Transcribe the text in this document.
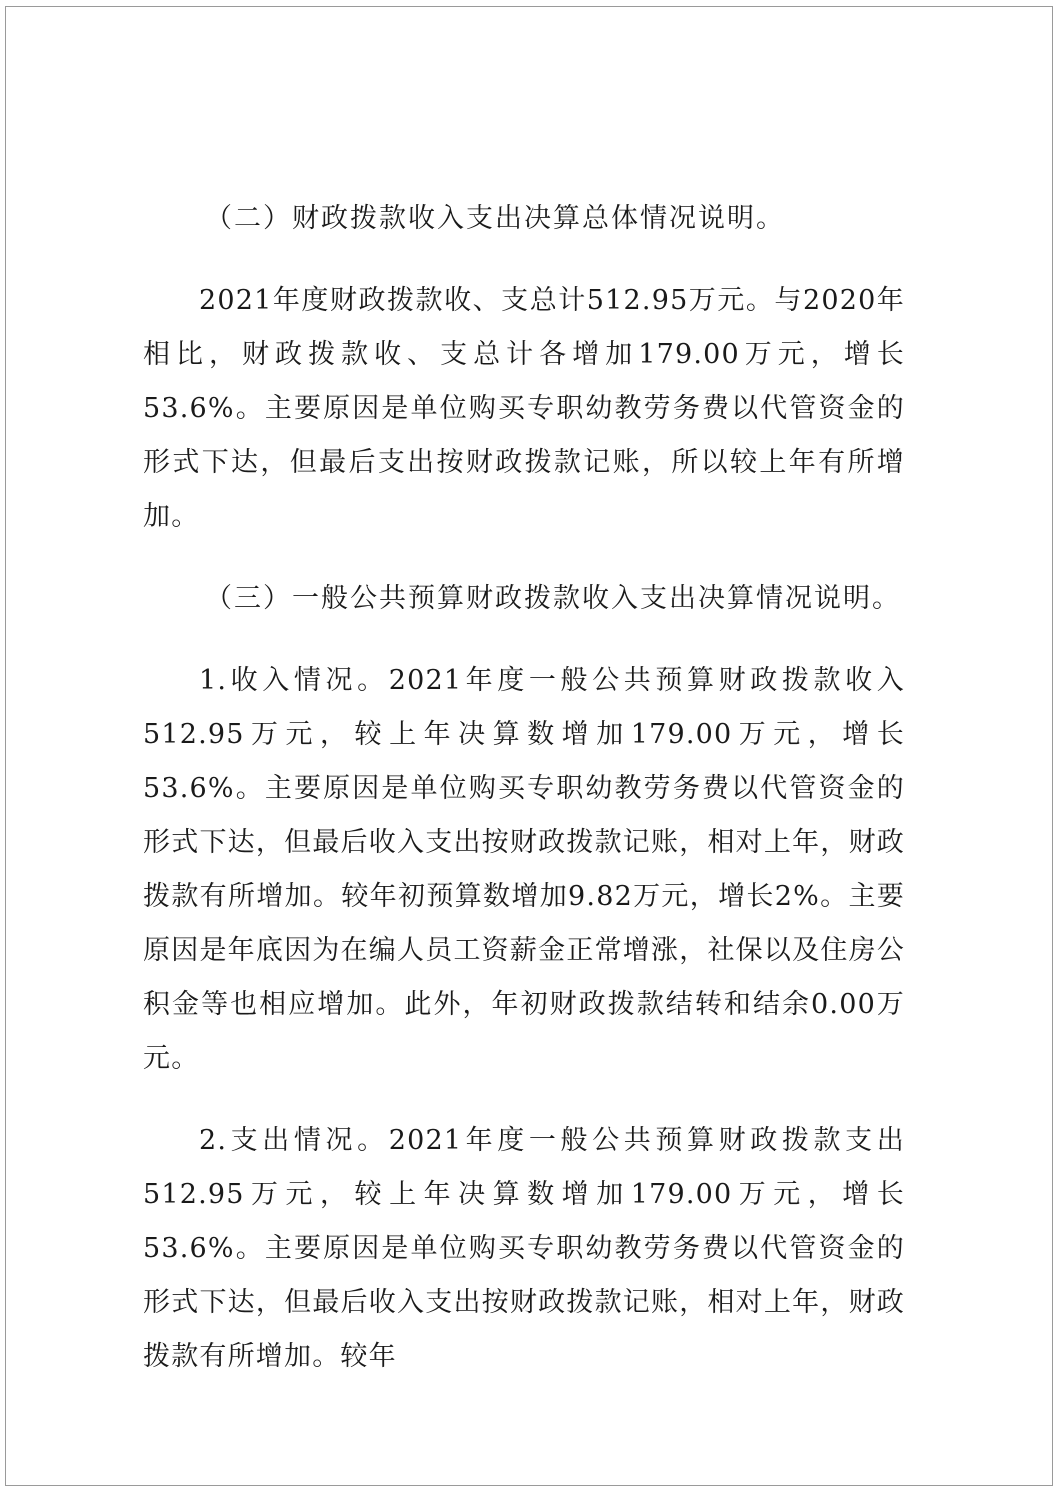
（二）财政拨款收入支出决算总体情况说明。

2021年度财政拨款收、支总计512.95万元。与2020年相比，财政拨款收、支总计各增加179.00万元，增长53.6%。主要原因是单位购买专职幼教劳务费以代管资金的形式下达，但最后支出按财政拨款记账，所以较上年有所增加。

（三）一般公共预算财政拨款收入支出决算情况说明。

1.收入情况。2021年度一般公共预算财政拨款收入512.95万元，较上年决算数增加179.00万元，增长53.6%。主要原因是单位购买专职幼教劳务费以代管资金的形式下达，但最后收入支出按财政拨款记账，相对上年，财政拨款有所增加。较年初预算数增加9.82万元，增长2%。主要原因是年底因为在编人员工资薪金正常增涨，社保以及住房公积金等也相应增加。此外，年初财政拨款结转和结余0.00万元。

2.支出情况。2021年度一般公共预算财政拨款支出512.95万元，较上年决算数增加179.00万元，增长53.6%。主要原因是单位购买专职幼教劳务费以代管资金的形式下达，但最后收入支出按财政拨款记账，相对上年，财政拨款有所增加。较年
